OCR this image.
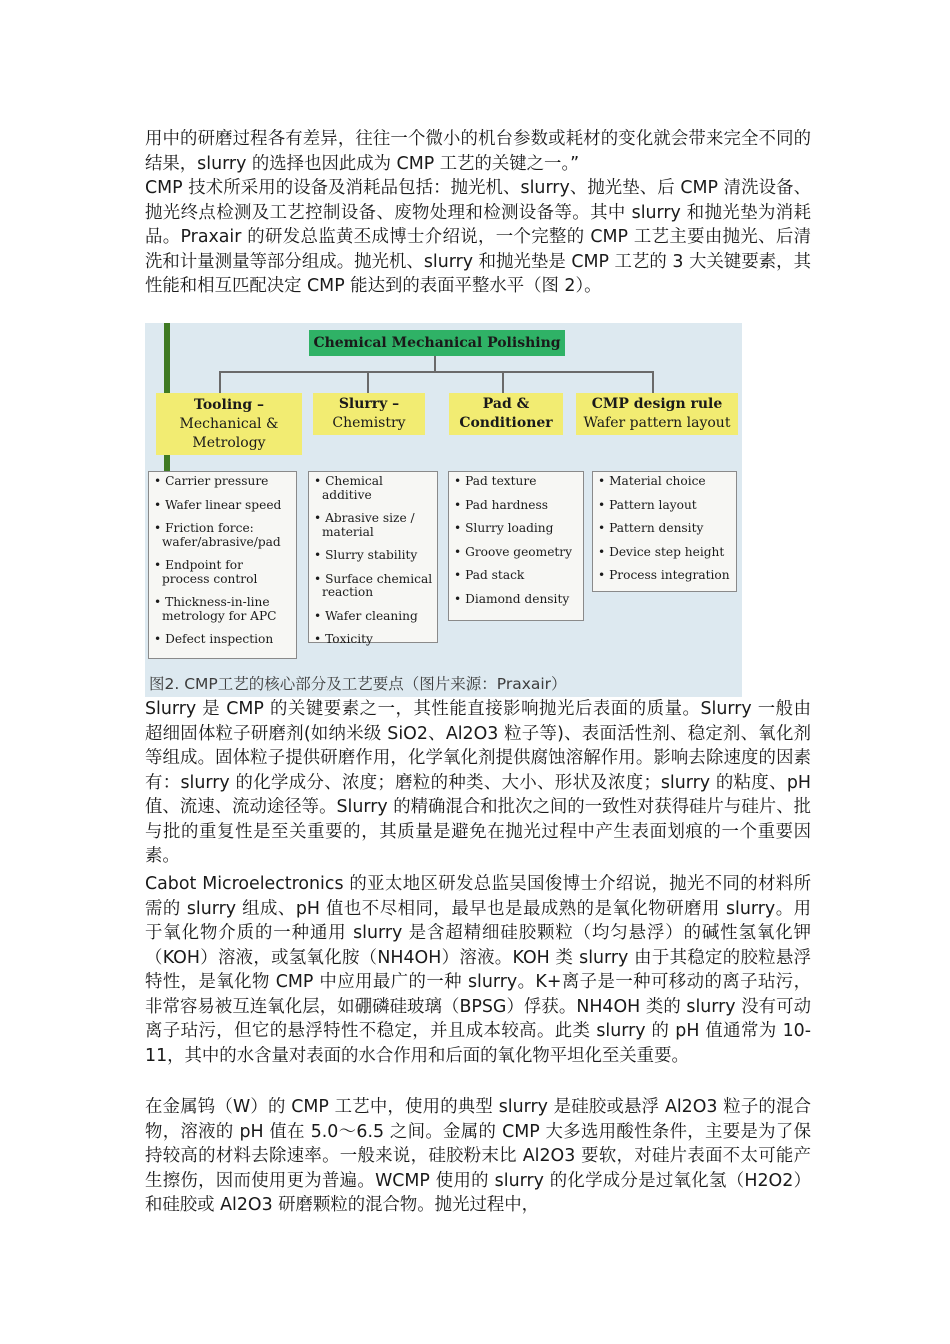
用中的研磨过程各有差异，往往一个微小的机台参数或耗材的变化就会带来完全不同的结果，slurry 的选择也因此成为 CMP 工艺的关键之一。”

CMP 技术所采用的设备及消耗品包括：抛光机、slurry、抛光垫、后 CMP 清洗设备、抛光终点检测及工艺控制设备、废物处理和检测设备等。其中 slurry 和抛光垫为消耗品。Praxair 的研发总监黄丕成博士介绍说，一个完整的 CMP 工艺主要由抛光、后清洗和计量测量等部分组成。抛光机、slurry 和抛光垫是 CMP 工艺的 3 大关键要素，其性能和相互匹配决定 CMP 能达到的表面平整水平（图 2）。

Chemical Mechanical Polishing
Tooling –
Mechanical &
Metrology
Slurry –
Chemistry
Pad &
Conditioner
CMP design rule
Wafer pattern layout
• Carrier pressure
• Wafer linear speed
• Friction force: wafer/abrasive/pad
• Endpoint for process control
• Thickness-in-line metrology for APC
• Defect inspection
• Chemical additive
• Abrasive size / material
• Slurry stability
• Surface chemical reaction
• Wafer cleaning
• Toxicity
• Pad texture
• Pad hardness
• Slurry loading
• Groove geometry
• Pad stack
• Diamond density
• Material choice
• Pattern layout
• Pattern density
• Device step height
• Process integration
图2. CMP工艺的核心部分及工艺要点（图片来源：Praxair）

Slurry 是 CMP 的关键要素之一，其性能直接影响抛光后表面的质量。Slurry 一般由超细固体粒子研磨剂(如纳米级 SiO2、Al2O3 粒子等)、表面活性剂、稳定剂、氧化剂等组成。固体粒子提供研磨作用，化学氧化剂提供腐蚀溶解作用。影响去除速度的因素有：slurry 的化学成分、浓度；磨粒的种类、大小、形状及浓度；slurry 的粘度、pH 值、流速、流动途径等。Slurry 的精确混合和批次之间的一致性对获得硅片与硅片、批与批的重复性是至关重要的，其质量是避免在抛光过程中产生表面划痕的一个重要因素。

Cabot Microelectronics 的亚太地区研发总监吴国俊博士介绍说，抛光不同的材料所需的 slurry 组成、pH 值也不尽相同，最早也是最成熟的是氧化物研磨用 slurry。用于氧化物介质的一种通用 slurry 是含超精细硅胶颗粒（均匀悬浮）的碱性氢氧化钾（KOH）溶液，或氢氧化胺（NH4OH）溶液。KOH 类 slurry 由于其稳定的胶粒悬浮特性，是氧化物 CMP 中应用最广的一种 slurry。K+离子是一种可移动的离子玷污，非常容易被互连氧化层，如硼磷硅玻璃（BPSG）俘获。NH4OH 类的 slurry 没有可动离子玷污，但它的悬浮特性不稳定，并且成本较高。此类 slurry 的 pH 值通常为 10-11，其中的水含量对表面的水合作用和后面的氧化物平坦化至关重要。

在金属钨（W）的 CMP 工艺中，使用的典型 slurry 是硅胶或悬浮 Al2O3 粒子的混合物，溶液的 pH 值在 5.0～6.5 之间。金属的 CMP 大多选用酸性条件，主要是为了保持较高的材料去除速率。一般来说，硅胶粉末比 Al2O3 要软，对硅片表面不太可能产生擦伤，因而使用更为普遍。WCMP 使用的 slurry 的化学成分是过氧化氢（H2O2）和硅胶或 Al2O3 研磨颗粒的混合物。抛光过程中，
